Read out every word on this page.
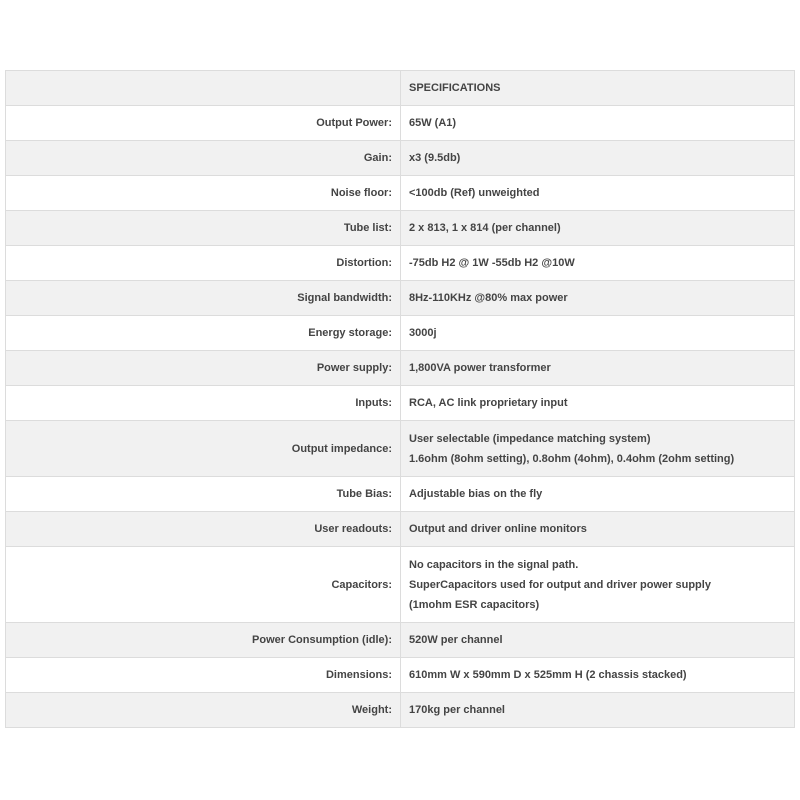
	SPECIFICATIONS
Output Power:	65W (A1)

Gain:	x3 (9.5db)

Noise floor:	<100db (Ref) unweighted

Tube list:	2 x 813, 1 x 814 (per channel)

Distortion:	-75db H2 @ 1W -55db H2 @10W

Signal bandwidth:	8Hz-110KHz @80% max power

Energy storage:	3000j

Power supply:	1,800VA power transformer

Inputs:	RCA, AC link proprietary input

Output impedance:	User selectable (impedance matching system)
1.6ohm (8ohm setting), 0.8ohm (4ohm), 0.4ohm (2ohm setting)

Tube Bias:	Adjustable bias on the fly

User readouts:	Output and driver online monitors

Capacitors:	No capacitors in the signal path.
SuperCapacitors used for output and driver power supply
(1mohm ESR capacitors)

Power Consumption (idle):	520W per channel

Dimensions:	610mm W x 590mm D x 525mm H (2 chassis stacked)

Weight:	170kg per channel
